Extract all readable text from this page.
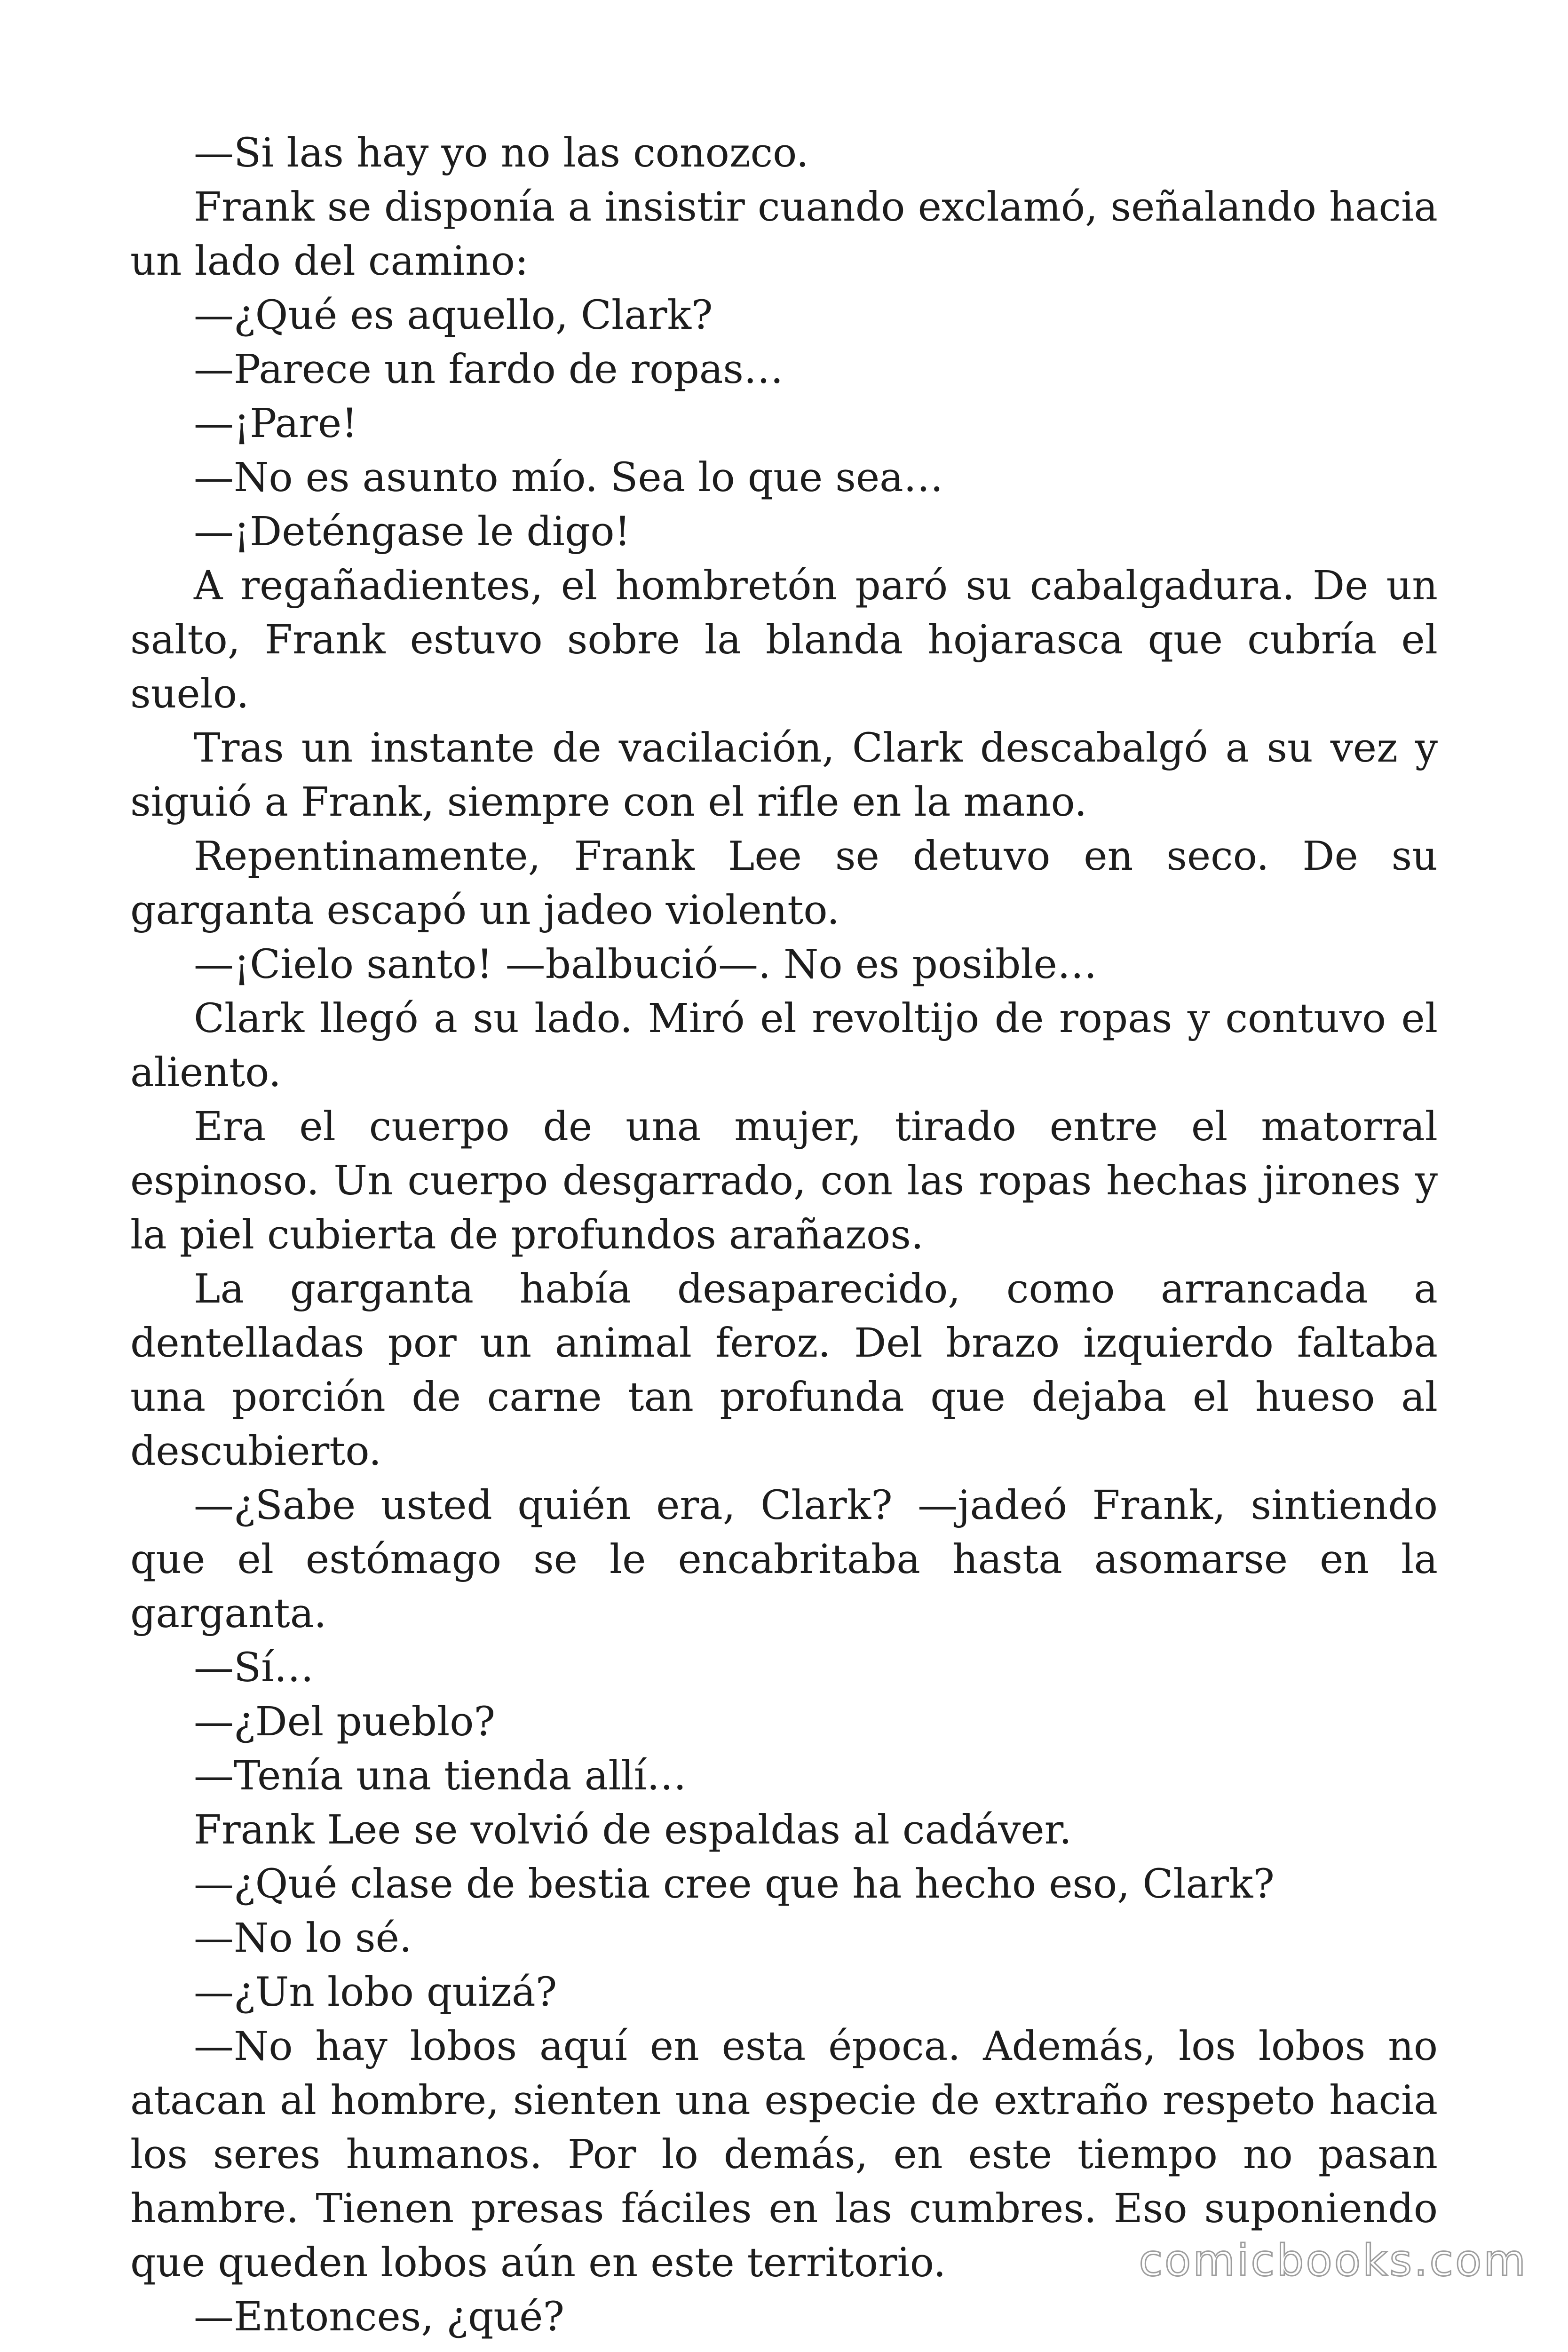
—Si las hay yo no las conozco.

Frank se disponía a insistir cuando exclamó, señalando hacia un lado del camino:

—¿Qué es aquello, Clark?

—Parece un fardo de ropas…

—¡Pare!

—No es asunto mío. Sea lo que sea…

—¡Deténgase le digo!

A regañadientes, el hombretón paró su cabalgadura. De un salto, Frank estuvo sobre la blanda hojarasca que cubría el suelo.

Tras un instante de vacilación, Clark descabalgó a su vez y siguió a Frank, siempre con el rifle en la mano.

Repentinamente, Frank Lee se detuvo en seco. De su garganta escapó un jadeo violento.

—¡Cielo santo! —balbució—. No es posible…

Clark llegó a su lado. Miró el revoltijo de ropas y contuvo el aliento.

Era el cuerpo de una mujer, tirado entre el matorral espinoso. Un cuerpo desgarrado, con las ropas hechas jirones y la piel cubierta de profundos arañazos.

La garganta había desaparecido, como arrancada a dentelladas por un animal feroz. Del brazo izquierdo faltaba una porción de carne tan profunda que dejaba el hueso al descubierto.

—¿Sabe usted quién era, Clark? —jadeó Frank, sintiendo que el estómago se le encabritaba hasta asomarse en la garganta.

—Sí…

—¿Del pueblo?

—Tenía una tienda allí…

Frank Lee se volvió de espaldas al cadáver.

—¿Qué clase de bestia cree que ha hecho eso, Clark?

—No lo sé.

—¿Un lobo quizá?

—No hay lobos aquí en esta época. Además, los lobos no atacan al hombre, sienten una especie de extraño respeto hacia los seres humanos. Por lo demás, en este tiempo no pasan hambre. Tienen presas fáciles en las cumbres. Eso suponiendo que queden lobos aún en este territorio.

—Entonces, ¿qué?

comicbooks.com
